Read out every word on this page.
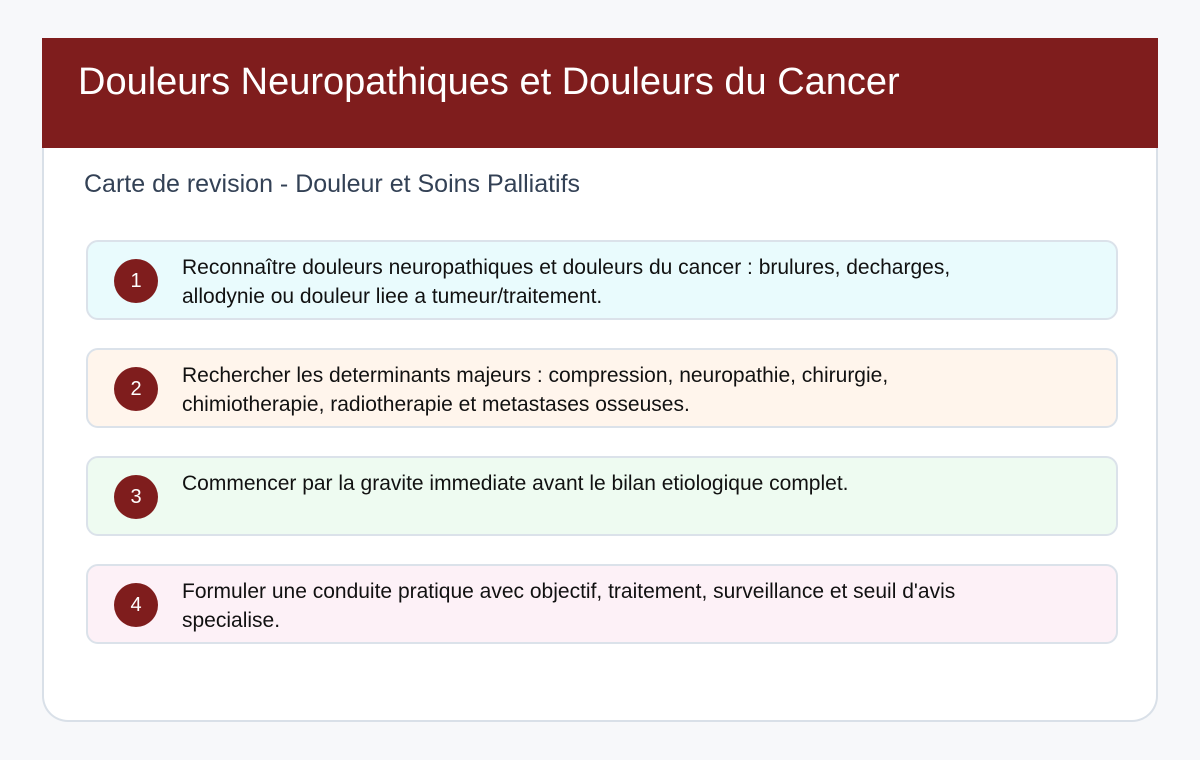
Douleurs Neuropathiques et Douleurs du Cancer
Carte de revision - Douleur et Soins Palliatifs
1
Reconnaître douleurs neuropathiques et douleurs du cancer : brulures, decharges, allodynie ou douleur liee a tumeur/traitement.
2
Rechercher les determinants majeurs : compression, neuropathie, chirurgie, chimiotherapie, radiotherapie et metastases osseuses.
3
Commencer par la gravite immediate avant le bilan etiologique complet.
4
Formuler une conduite pratique avec objectif, traitement, surveillance et seuil d'avis specialise.
